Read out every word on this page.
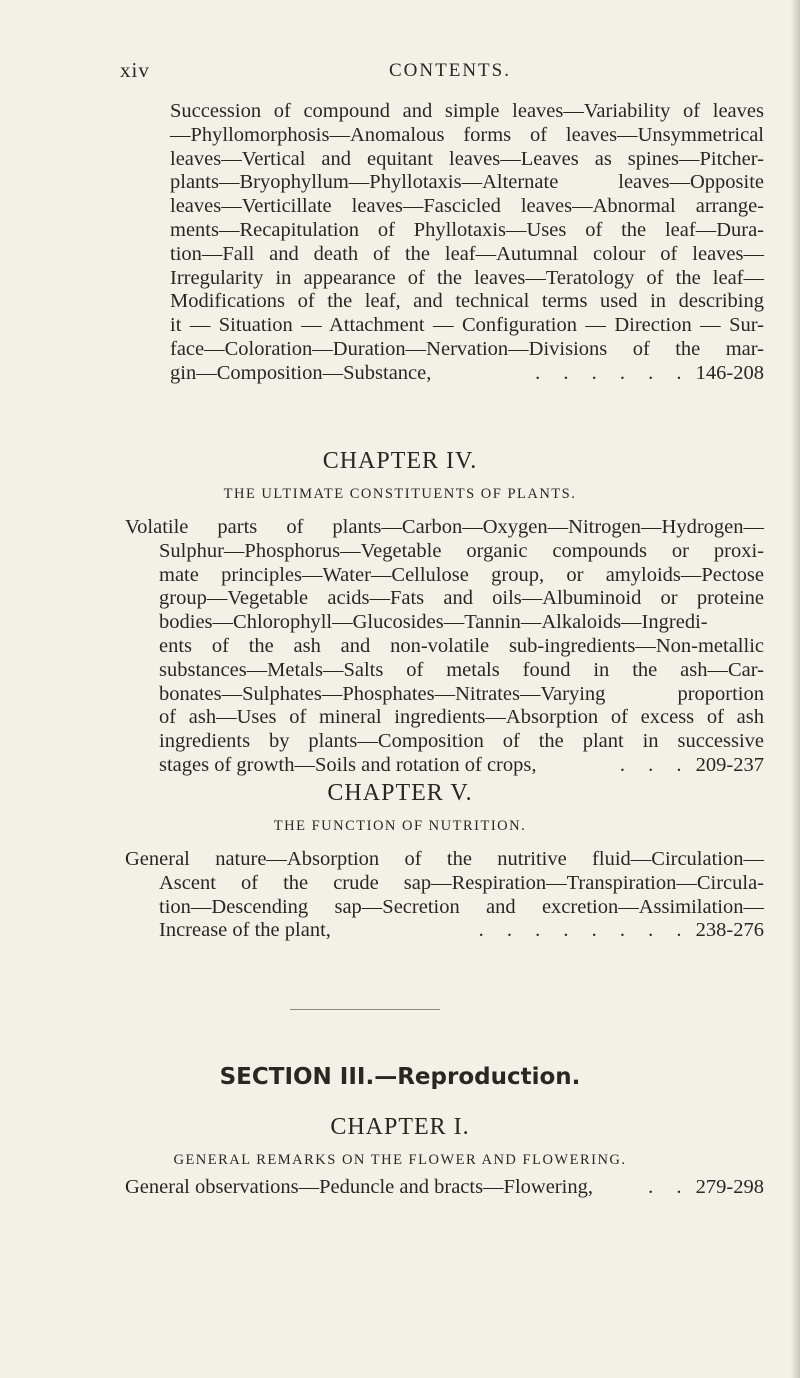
xiv	CONTENTS.
Succession of compound and simple leaves—Variability of leaves
—Phyllomorphosis—Anomalous forms of leaves—Unsymmetrical
leaves—Vertical and equitant leaves—Leaves as spines—Pitcher-
plants—Bryophyllum—Phyllotaxis—Alternate leaves—Opposite
leaves—Verticillate leaves—Fascicled leaves—Abnormal arrange-
ments—Recapitulation of Phyllotaxis—Uses of the leaf—Dura-
tion—Fall and death of the leaf—Autumnal colour of leaves—
Irregularity in appearance of the leaves—Teratology of the leaf—
Modifications of the leaf, and technical terms used in describing
it — Situation — Attachment — Configuration — Direction — Sur-
face—Coloration—Duration—Nervation—Divisions of the mar-
gin—Composition—Substance,	. . . . . . 146-208
CHAPTER IV.
THE ULTIMATE CONSTITUENTS OF PLANTS.
Volatile parts of plants—Carbon—Oxygen—Nitrogen—Hydrogen—
Sulphur—Phosphorus—Vegetable organic compounds or proxi-
mate principles—Water—Cellulose group, or amyloids—Pectose
group—Vegetable acids—Fats and oils—Albuminoid or proteine
bodies—Chlorophyll—Glucosides—Tannin—Alkaloids—Ingredi-
ents of the ash and non-volatile sub-ingredients—Non-metallic
substances—Metals—Salts of metals found in the ash—Car-
bonates—Sulphates—Phosphates—Nitrates—Varying proportion
of ash—Uses of mineral ingredients—Absorption of excess of ash
ingredients by plants—Composition of the plant in successive
stages of growth—Soils and rotation of crops,	. . . 209-237
CHAPTER V.
THE FUNCTION OF NUTRITION.
General nature—Absorption of the nutritive fluid—Circulation—
Ascent of the crude sap—Respiration—Transpiration—Circula-
tion—Descending sap—Secretion and excretion—Assimilation—
Increase of the plant,	. . . . . . . . 238-276
SECTION III.—Reproduction.
CHAPTER I.
GENERAL REMARKS ON THE FLOWER AND FLOWERING.
General observations—Peduncle and bracts—Flowering,	. . 279-298
